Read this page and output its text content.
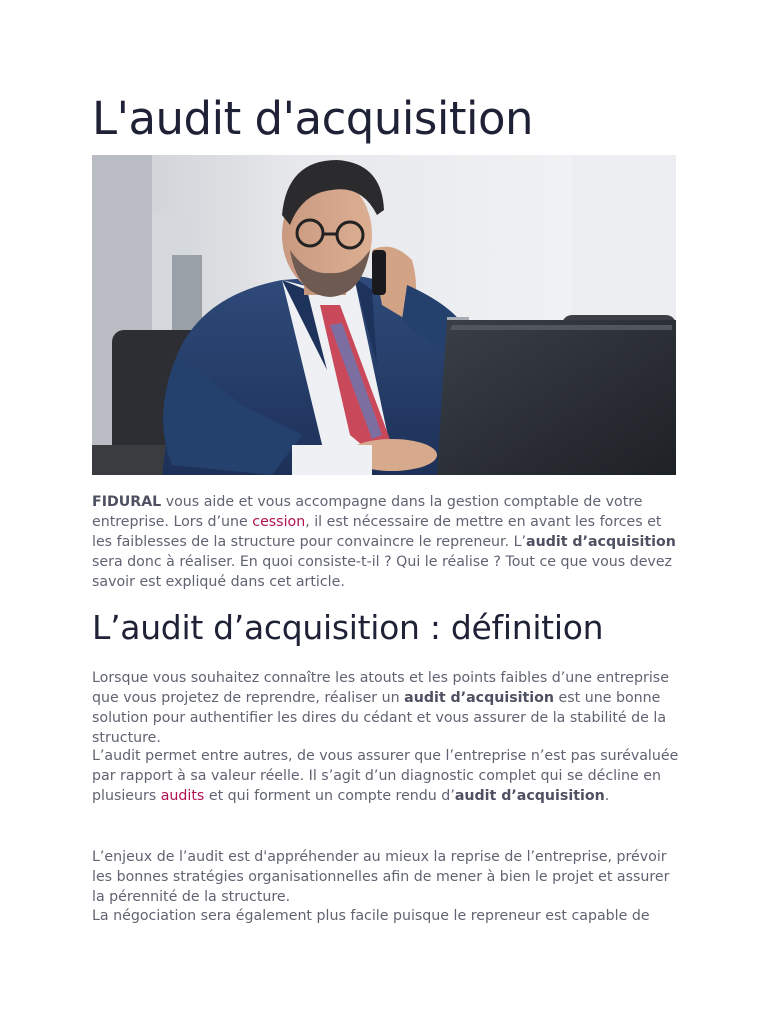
L'audit d'acquisition

FIDURAL vous aide et vous accompagne dans la gestion comptable de votre entreprise. Lors d’une cession, il est nécessaire de mettre en avant les forces et les faiblesses de la structure pour convaincre le repreneur. L’audit d’acquisition sera donc à réaliser. En quoi consiste-t-il ? Qui le réalise ? Tout ce que vous devez savoir est expliqué dans cet article.

L’audit d’acquisition : définition

Lorsque vous souhaitez connaître les atouts et les points faibles d’une entreprise que vous projetez de reprendre, réaliser un audit d’acquisition est une bonne solution pour authentifier les dires du cédant et vous assurer de la stabilité de la structure.

L’audit permet entre autres, de vous assurer que l’entreprise n’est pas surévaluée par rapport à sa valeur réelle. Il s’agit d’un diagnostic complet qui se décline en plusieurs audits et qui forment un compte rendu d’audit d’acquisition.

L’enjeux de l’audit est d'appréhender au mieux la reprise de l’entreprise, prévoir les bonnes stratégies organisationnelles afin de mener à bien le projet et assurer la pérennité de la structure.

La négociation sera également plus facile puisque le repreneur est capable de
